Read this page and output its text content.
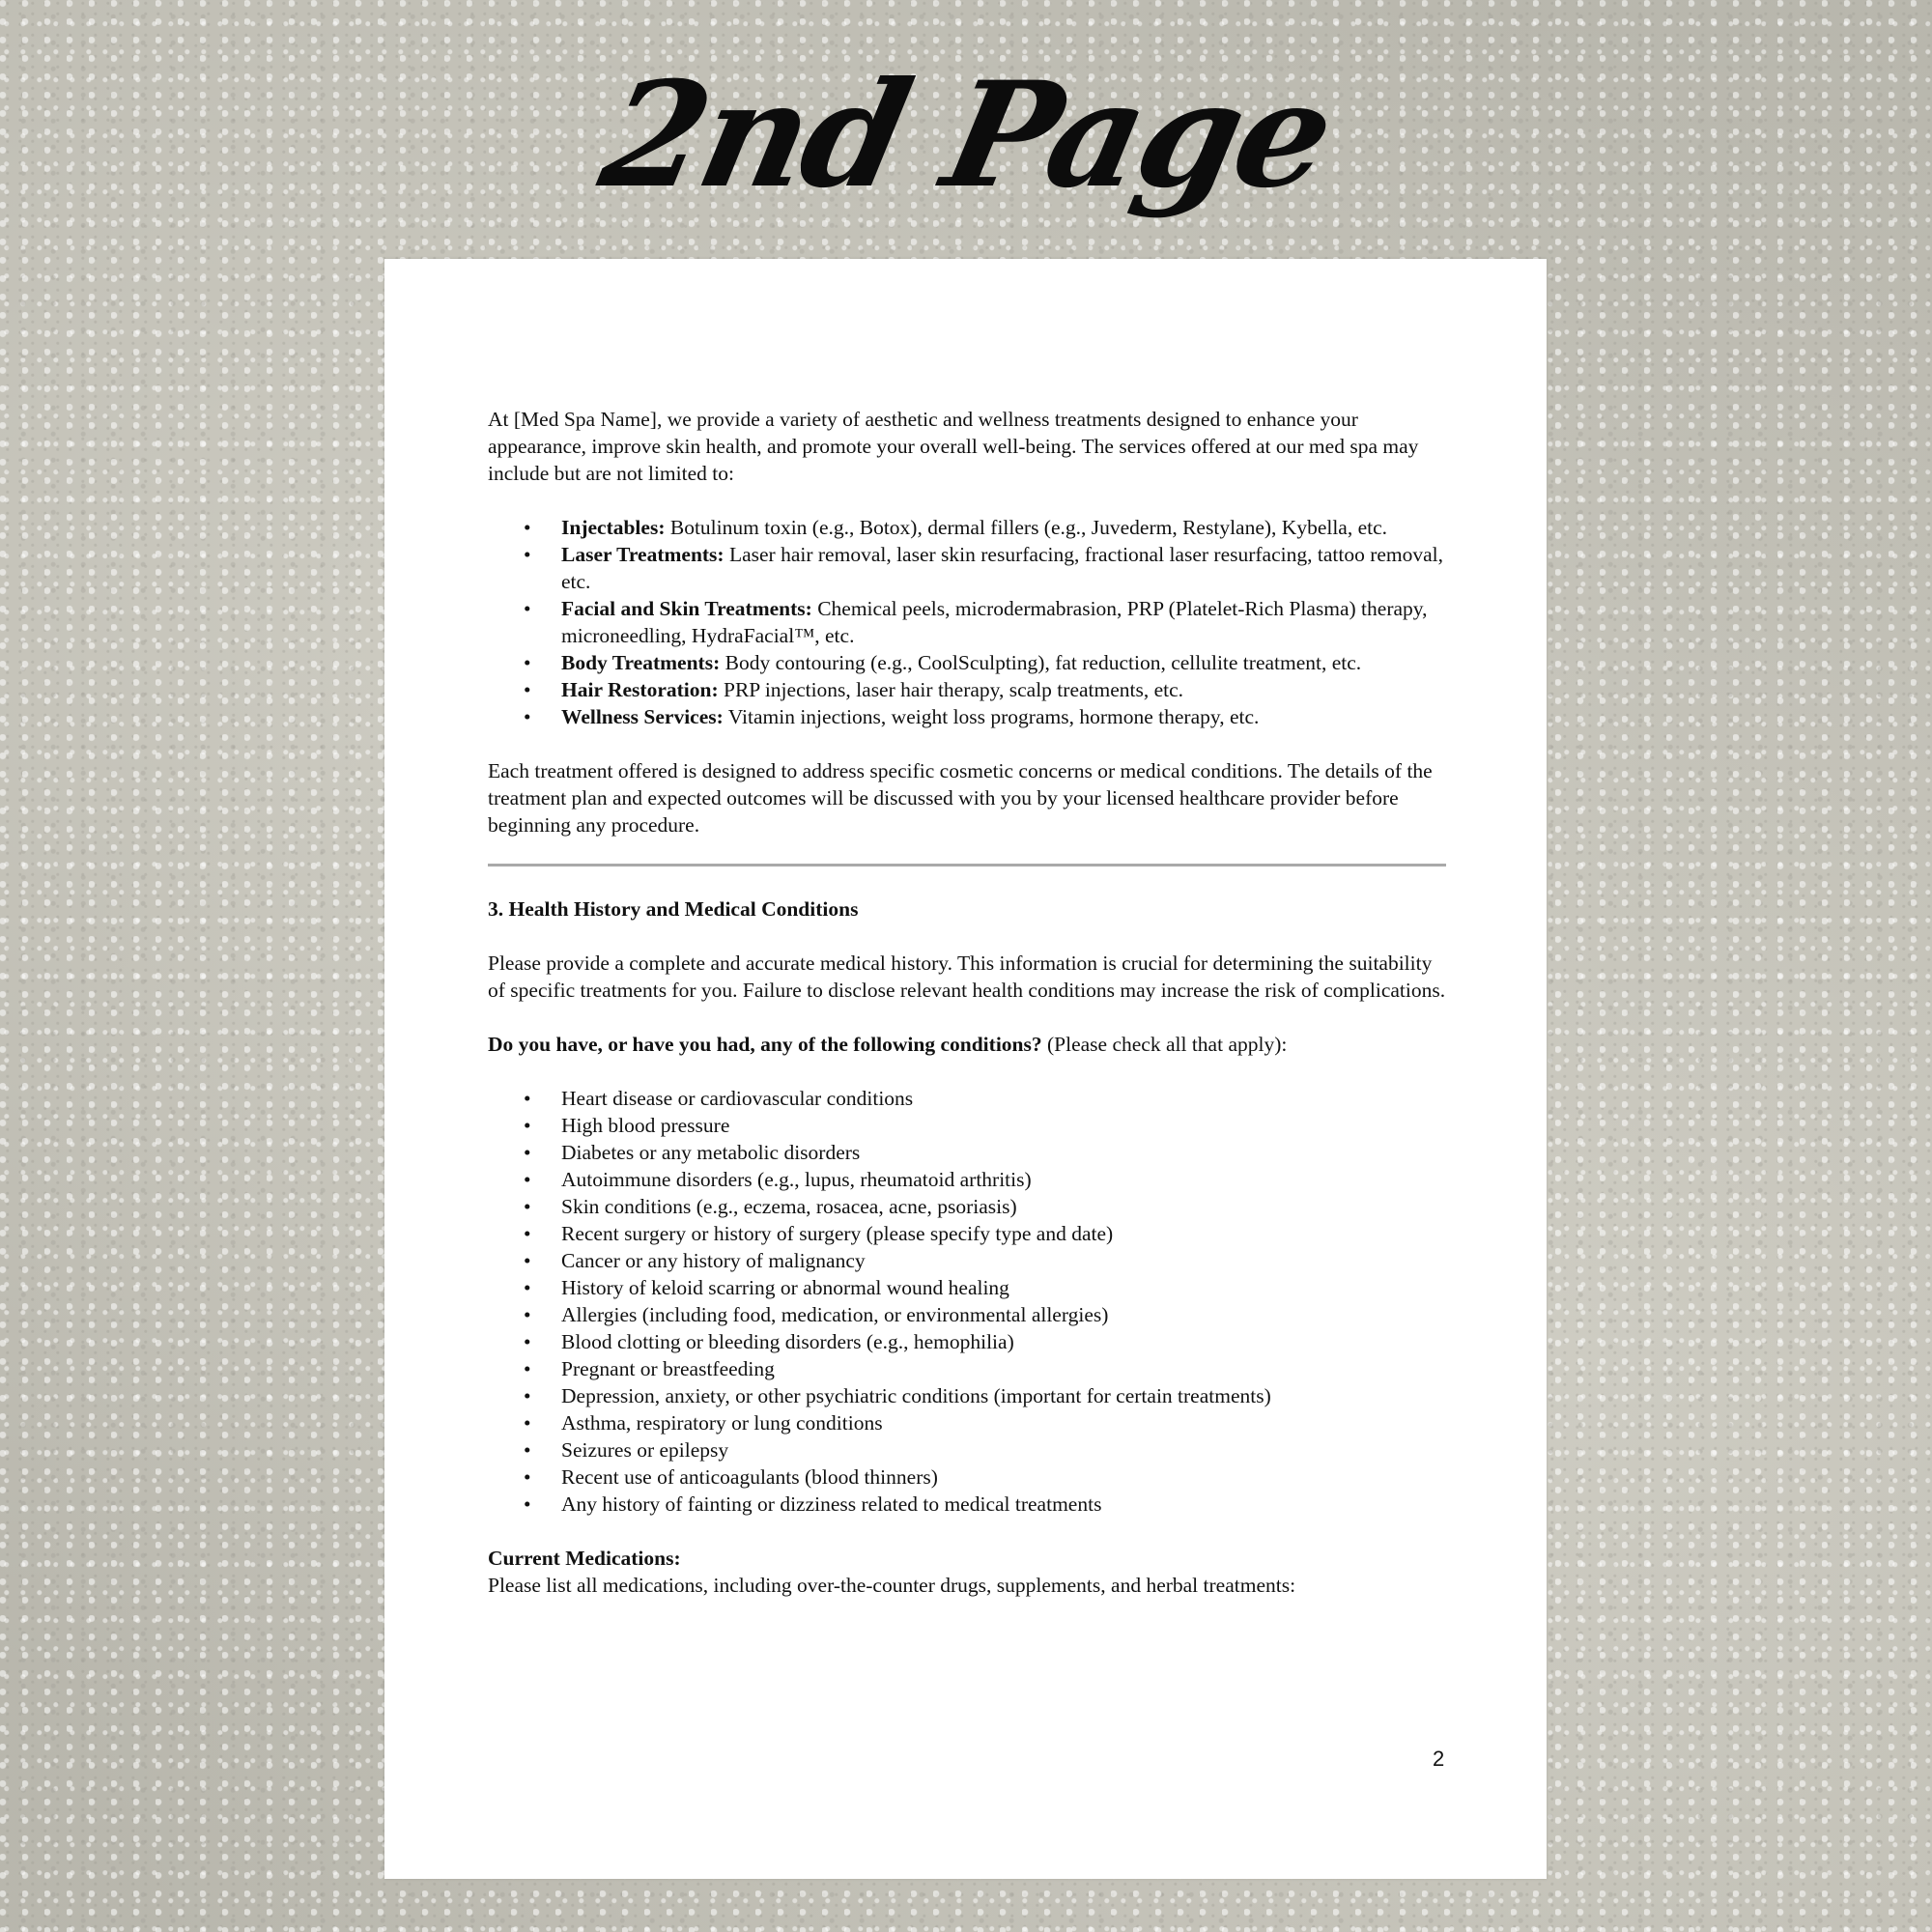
2nd Page

At [Med Spa Name], we provide a variety of aesthetic and wellness treatments designed to enhance your appearance, improve skin health, and promote your overall well-being. The services offered at our med spa may include but are not limited to:

• Injectables: Botulinum toxin (e.g., Botox), dermal fillers (e.g., Juvederm, Restylane), Kybella, etc.
• Laser Treatments: Laser hair removal, laser skin resurfacing, fractional laser resurfacing, tattoo removal, etc.
• Facial and Skin Treatments: Chemical peels, microdermabrasion, PRP (Platelet-Rich Plasma) therapy, microneedling, HydraFacial™, etc.
• Body Treatments: Body contouring (e.g., CoolSculpting), fat reduction, cellulite treatment, etc.
• Hair Restoration: PRP injections, laser hair therapy, scalp treatments, etc.
• Wellness Services: Vitamin injections, weight loss programs, hormone therapy, etc.

Each treatment offered is designed to address specific cosmetic concerns or medical conditions. The details of the treatment plan and expected outcomes will be discussed with you by your licensed healthcare provider before beginning any procedure.

3. Health History and Medical Conditions

Please provide a complete and accurate medical history. This information is crucial for determining the suitability of specific treatments for you. Failure to disclose relevant health conditions may increase the risk of complications.

Do you have, or have you had, any of the following conditions? (Please check all that apply):

• Heart disease or cardiovascular conditions
• High blood pressure
• Diabetes or any metabolic disorders
• Autoimmune disorders (e.g., lupus, rheumatoid arthritis)
• Skin conditions (e.g., eczema, rosacea, acne, psoriasis)
• Recent surgery or history of surgery (please specify type and date)
• Cancer or any history of malignancy
• History of keloid scarring or abnormal wound healing
• Allergies (including food, medication, or environmental allergies)
• Blood clotting or bleeding disorders (e.g., hemophilia)
• Pregnant or breastfeeding
• Depression, anxiety, or other psychiatric conditions (important for certain treatments)
• Asthma, respiratory or lung conditions
• Seizures or epilepsy
• Recent use of anticoagulants (blood thinners)
• Any history of fainting or dizziness related to medical treatments

Current Medications:

Please list all medications, including over-the-counter drugs, supplements, and herbal treatments:

2
